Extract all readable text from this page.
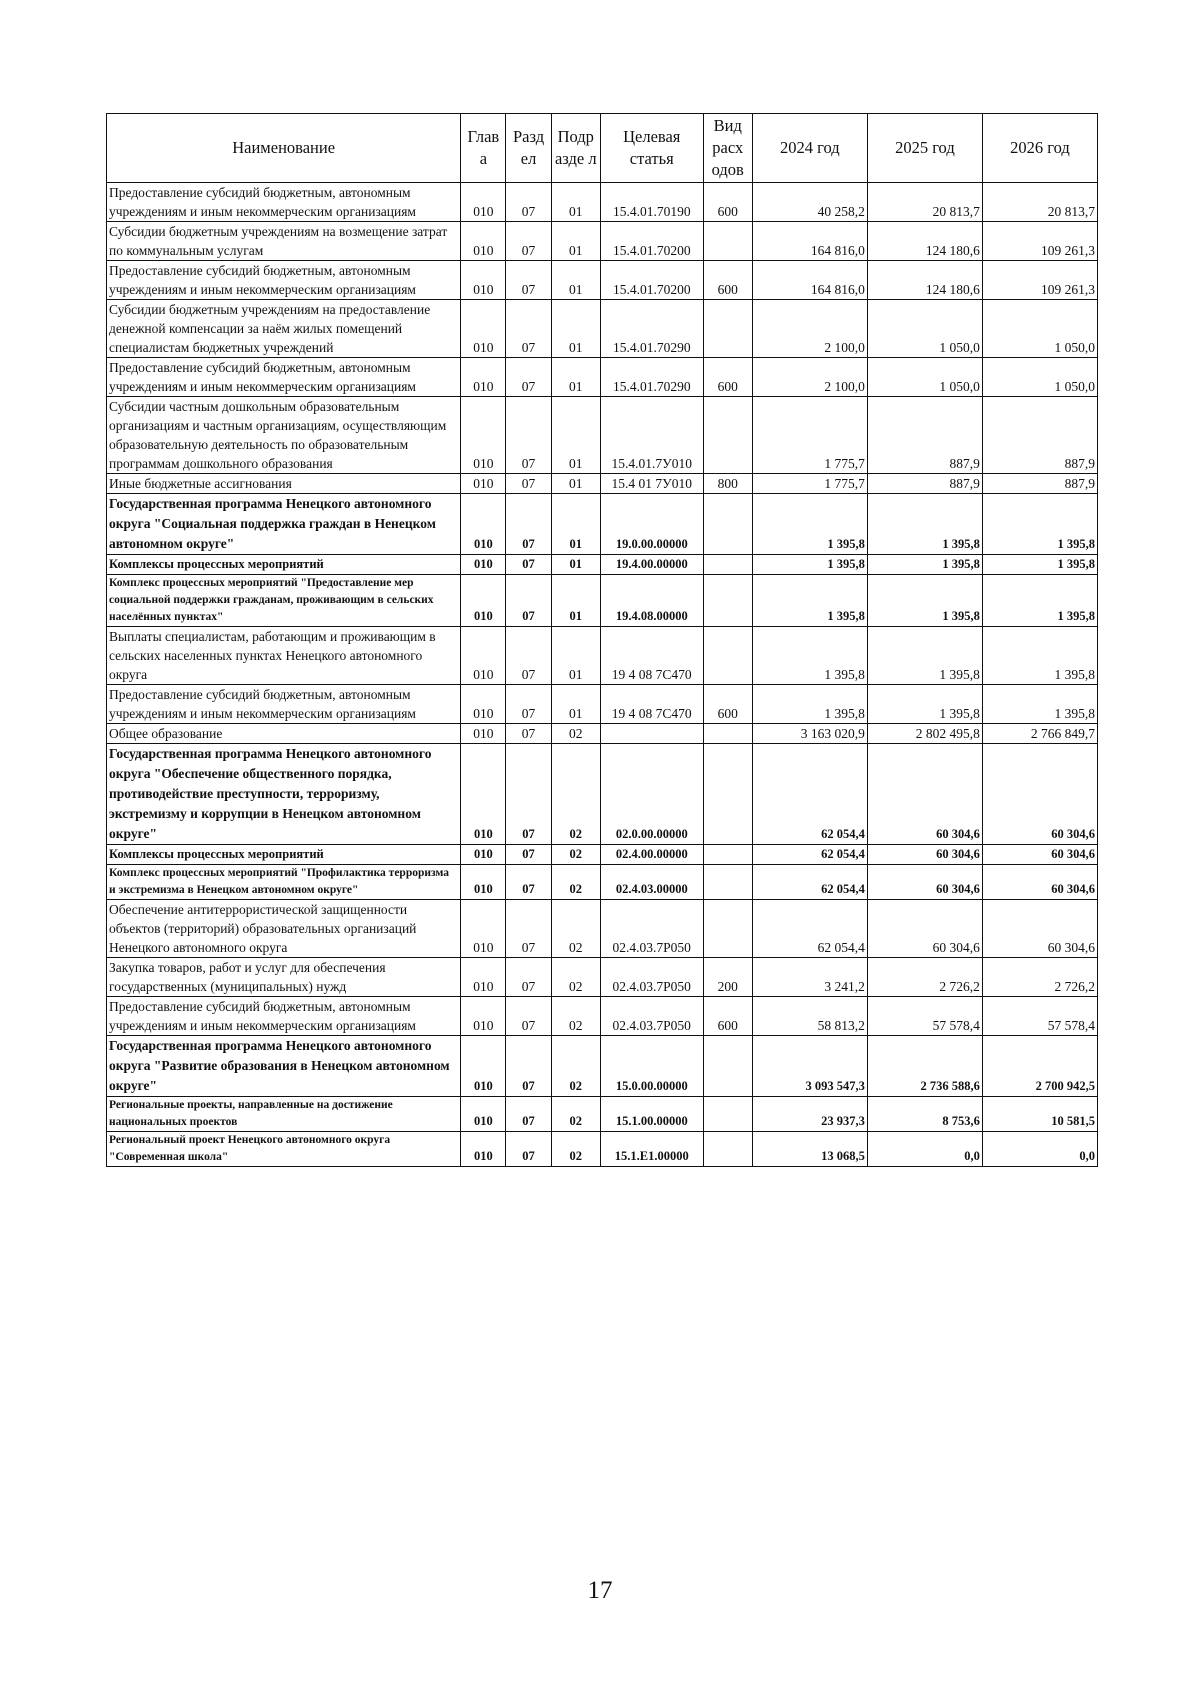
Наименование	Глав а	Разд ел	Подр азде л	Целевая статья	Вид расх одов	2024 год	2025 год	2026 год
Предоставление субсидий бюджетным, автономным учреждениям и иным некоммерческим организациям	010	07	01	15.4.01.70190	600	40 258,2	20 813,7	20 813,7
Субсидии бюджетным учреждениям на возмещение затрат по коммунальным услугам	010	07	01	15.4.01.70200		164 816,0	124 180,6	109 261,3
Предоставление субсидий бюджетным, автономным учреждениям и иным некоммерческим организациям	010	07	01	15.4.01.70200	600	164 816,0	124 180,6	109 261,3
Субсидии бюджетным учреждениям на предоставление денежной компенсации за наём жилых помещений специалистам бюджетных учреждений	010	07	01	15.4.01.70290		2 100,0	1 050,0	1 050,0
Предоставление субсидий бюджетным, автономным учреждениям и иным некоммерческим организациям	010	07	01	15.4.01.70290	600	2 100,0	1 050,0	1 050,0
Субсидии частным дошкольным образовательным организациям и частным организациям, осуществляющим образовательную деятельность по образовательным программам дошкольного образования	010	07	01	15.4.01.7У010		1 775,7	887,9	887,9
Иные бюджетные ассигнования	010	07	01	15.4 01 7У010	800	1 775,7	887,9	887,9
Государственная программа Ненецкого автономного округа "Социальная поддержка граждан в Ненецком автономном округе"	010	07	01	19.0.00.00000		1 395,8	1 395,8	1 395,8
Комплексы процессных мероприятий	010	07	01	19.4.00.00000		1 395,8	1 395,8	1 395,8
Комплекс процессных мероприятий "Предоставление мер социальной поддержки гражданам, проживающим в сельских населённых пунктах"	010	07	01	19.4.08.00000		1 395,8	1 395,8	1 395,8
Выплаты специалистам, работающим и проживающим в сельских населенных пунктах Ненецкого автономного округа	010	07	01	19 4 08 7С470		1 395,8	1 395,8	1 395,8
Предоставление субсидий бюджетным, автономным учреждениям и иным некоммерческим организациям	010	07	01	19 4 08 7С470	600	1 395,8	1 395,8	1 395,8
Общее образование	010	07	02			3 163 020,9	2 802 495,8	2 766 849,7
Государственная программа Ненецкого автономного округа "Обеспечение общественного порядка, противодействие преступности, терроризму, экстремизму и коррупции в Ненецком автономном округе"	010	07	02	02.0.00.00000		62 054,4	60 304,6	60 304,6
Комплексы процессных мероприятий	010	07	02	02.4.00.00000		62 054,4	60 304,6	60 304,6
Комплекс процессных мероприятий "Профилактика терроризма и экстремизма в Ненецком автономном округе"	010	07	02	02.4.03.00000		62 054,4	60 304,6	60 304,6
Обеспечение антитеррористической защищенности объектов (территорий) образовательных организаций Ненецкого автономного округа	010	07	02	02.4.03.7Р050		62 054,4	60 304,6	60 304,6
Закупка товаров, работ и услуг для обеспечения государственных (муниципальных) нужд	010	07	02	02.4.03.7Р050	200	3 241,2	2 726,2	2 726,2
Предоставление субсидий бюджетным, автономным учреждениям и иным некоммерческим организациям	010	07	02	02.4.03.7Р050	600	58 813,2	57 578,4	57 578,4
Государственная программа Ненецкого автономного округа "Развитие образования в Ненецком автономном округе"	010	07	02	15.0.00.00000		3 093 547,3	2 736 588,6	2 700 942,5
Региональные проекты, направленные на достижение национальных проектов	010	07	02	15.1.00.00000		23 937,3	8 753,6	10 581,5
Региональный проект Ненецкого автономного округа "Современная школа"	010	07	02	15.1.Е1.00000		13 068,5	0,0	0,0
17
